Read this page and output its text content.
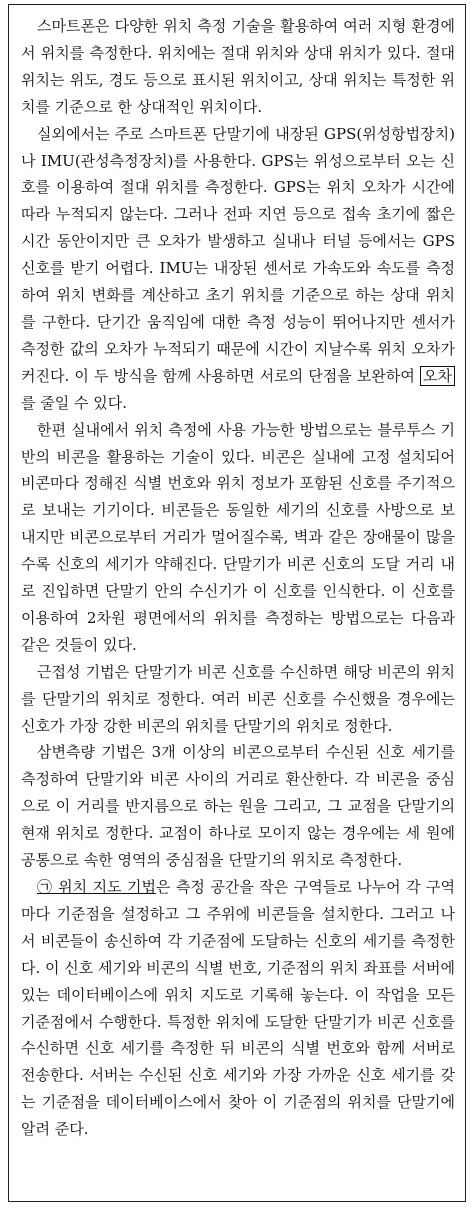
스마트폰은 다양한 위치 측정 기술을 활용하여 여러 지형 환경에서 위치를 측정한다. 위치에는 절대 위치와 상대 위치가 있다. 절대 위치는 위도, 경도 등으로 표시된 위치이고, 상대 위치는 특정한 위치를 기준으로 한 상대적인 위치이다.

실외에서는 주로 스마트폰 단말기에 내장된 GPS(위성항법장치)나 IMU(관성측정장치)를 사용한다. GPS는 위성으로부터 오는 신호를 이용하여 절대 위치를 측정한다. GPS는 위치 오차가 시간에 따라 누적되지 않는다. 그러나 전파 지연 등으로 접속 초기에 짧은 시간 동안이지만 큰 오차가 발생하고 실내나 터널 등에서는 GPS 신호를 받기 어렵다. IMU는 내장된 센서로 가속도와 속도를 측정하여 위치 변화를 계산하고 초기 위치를 기준으로 하는 상대 위치를 구한다. 단기간 움직임에 대한 측정 성능이 뛰어나지만 센서가 측정한 값의 오차가 누적되기 때문에 시간이 지날수록 위치 오차가 커진다. 이 두 방식을 함께 사용하면 서로의 단점을 보완하여 오차를 줄일 수 있다.

한편 실내에서 위치 측정에 사용 가능한 방법으로는 블루투스 기반의 비콘을 활용하는 기술이 있다. 비콘은 실내에 고정 설치되어 비콘마다 정해진 식별 번호와 위치 정보가 포함된 신호를 주기적으로 보내는 기기이다. 비콘들은 동일한 세기의 신호를 사방으로 보내지만 비콘으로부터 거리가 멀어질수록, 벽과 같은 장애물이 많을수록 신호의 세기가 약해진다. 단말기가 비콘 신호의 도달 거리 내로 진입하면 단말기 안의 수신기가 이 신호를 인식한다. 이 신호를 이용하여 2차원 평면에서의 위치를 측정하는 방법으로는 다음과 같은 것들이 있다.

근접성 기법은 단말기가 비콘 신호를 수신하면 해당 비콘의 위치를 단말기의 위치로 정한다. 여러 비콘 신호를 수신했을 경우에는 신호가 가장 강한 비콘의 위치를 단말기의 위치로 정한다.

삼변측량 기법은 3개 이상의 비콘으로부터 수신된 신호 세기를 측정하여 단말기와 비콘 사이의 거리로 환산한다. 각 비콘을 중심으로 이 거리를 반지름으로 하는 원을 그리고, 그 교점을 단말기의 현재 위치로 정한다. 교점이 하나로 모이지 않는 경우에는 세 원에 공통으로 속한 영역의 중심점을 단말기의 위치로 측정한다.

㉠ 위치 지도 기법은 측정 공간을 작은 구역들로 나누어 각 구역마다 기준점을 설정하고 그 주위에 비콘들을 설치한다. 그러고 나서 비콘들이 송신하여 각 기준점에 도달하는 신호의 세기를 측정한다. 이 신호 세기와 비콘의 식별 번호, 기준점의 위치 좌표를 서버에 있는 데이터베이스에 위치 지도로 기록해 놓는다. 이 작업을 모든 기준점에서 수행한다. 특정한 위치에 도달한 단말기가 비콘 신호를 수신하면 신호 세기를 측정한 뒤 비콘의 식별 번호와 함께 서버로 전송한다. 서버는 수신된 신호 세기와 가장 가까운 신호 세기를 갖는 기준점을 데이터베이스에서 찾아 이 기준점의 위치를 단말기에 알려 준다.
